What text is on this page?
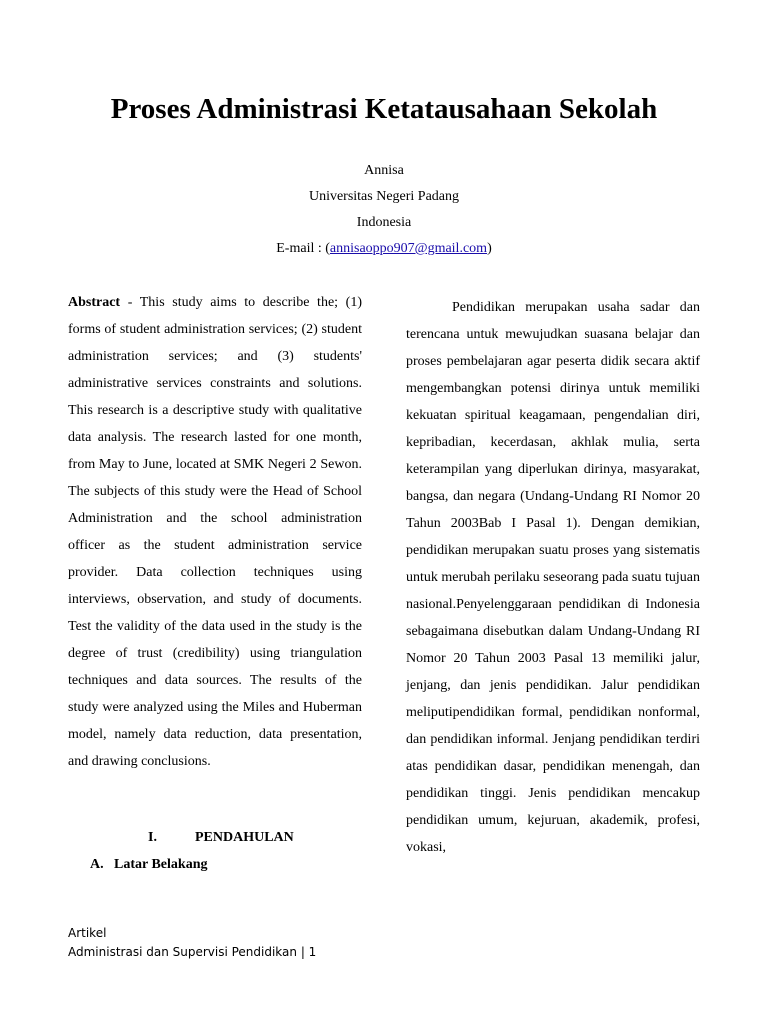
Proses Administrasi Ketatausahaan Sekolah
Annisa
Universitas Negeri Padang
Indonesia
E-mail : (annisaoppo907@gmail.com)

Abstract - This study aims to describe the; (1) forms of student administration services; (2) student administration services; and (3) students' administrative services constraints and solutions. This research is a descriptive study with qualitative data analysis. The research lasted for one month, from May to June, located at SMK Negeri 2 Sewon. The subjects of this study were the Head of School Administration and the school administration officer as the student administration service provider. Data collection techniques using interviews, observation, and study of documents. Test the validity of the data used in the study is the degree of trust (credibility) using triangulation techniques and data sources. The results of the study were analyzed using the Miles and Huberman model, namely data reduction, data presentation, and drawing conclusions.

I.	PENDAHULAN
A. Latar Belakang

Pendidikan merupakan usaha sadar dan terencana untuk mewujudkan suasana belajar dan proses pembelajaran agar peserta didik secara aktif mengembangkan potensi dirinya untuk memiliki kekuatan spiritual keagamaan, pengendalian diri, kepribadian, kecerdasan, akhlak mulia, serta keterampilan yang diperlukan dirinya, masyarakat, bangsa, dan negara (Undang-Undang RI Nomor 20 Tahun 2003Bab I Pasal 1). Dengan demikian, pendidikan merupakan suatu proses yang sistematis untuk merubah perilaku seseorang pada suatu tujuan nasional.Penyelenggaraan pendidikan di Indonesia sebagaimana disebutkan dalam Undang-Undang RI Nomor 20 Tahun 2003 Pasal 13 memiliki jalur, jenjang, dan jenis pendidikan. Jalur pendidikan meliputipendidikan formal, pendidikan nonformal, dan pendidikan informal. Jenjang pendidikan terdiri atas pendidikan dasar, pendidikan menengah, dan pendidikan tinggi. Jenis pendidikan mencakup pendidikan umum, kejuruan, akademik, profesi, vokasi,

Artikel
Administrasi dan Supervisi Pendidikan | 1
